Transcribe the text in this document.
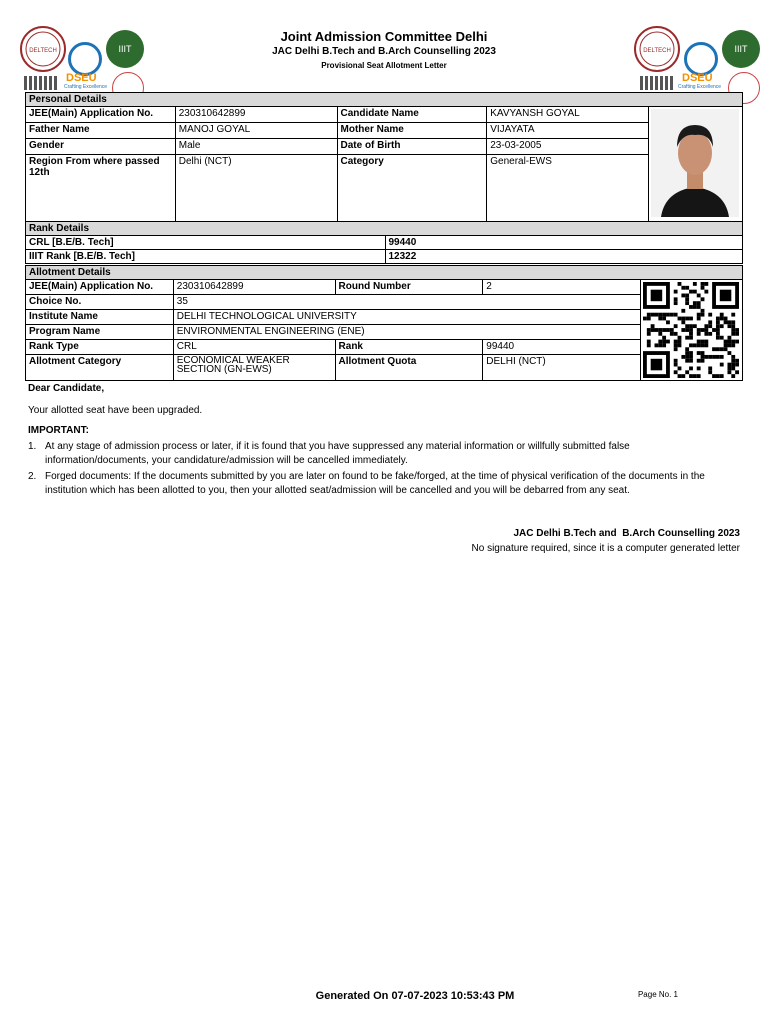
DELTECH	IIIT
DSEU
Crafting Excellence
DELTECH	IIIT
DSEU
Crafting Excellence
Joint Admission Committee Delhi
JAC Delhi B.Tech and B.Arch Counselling 2023
Provisional Seat Allotment Letter
Personal Details				
JEE(Main) Application No.	230310642899	Candidate Name	KAVYANSH GOYAL	
Father Name	MANOJ GOYAL	Mother Name	VIJAYATA	
Gender	Male	Date of Birth	23-03-2005	
Region From where passed 12th	Delhi (NCT)	Category	General-EWS	
Rank Details	
CRL [B.E/B. Tech]	99440
IIIT Rank [B.E/B. Tech]	12322
Allotment Details				
JEE(Main) Application No.	230310642899	Round Number	2	

Choice No.	35			
Institute Name	DELHI TECHNOLOGICAL UNIVERSITY			
Program Name	ENVIRONMENTAL ENGINEERING (ENE)			
Rank Type	CRL	Rank	99440	
Allotment Category	ECONOMICAL WEAKER SECTION (GN-EWS)	Allotment Quota	DELHI (NCT)	
Dear Candidate,
Your allotted seat have been upgraded.
IMPORTANT:
1. At any stage of admission process or later, if it is found that you have suppressed any material information or willfully submitted false information/documents, your candidature/admission will be cancelled immediately.
2. Forged documents: If the documents submitted by you are later on found to be fake/forged, at the time of physical verification of the documents in the institution which has been allotted to you, then your allotted seat/admission will be cancelled and you will be debarred from any seat.
JAC Delhi B.Tech and  B.Arch Counselling 2023
No signature required, since it is a computer generated letter
Generated On 07-07-2023 10:53:43 PM	Page No. 1
